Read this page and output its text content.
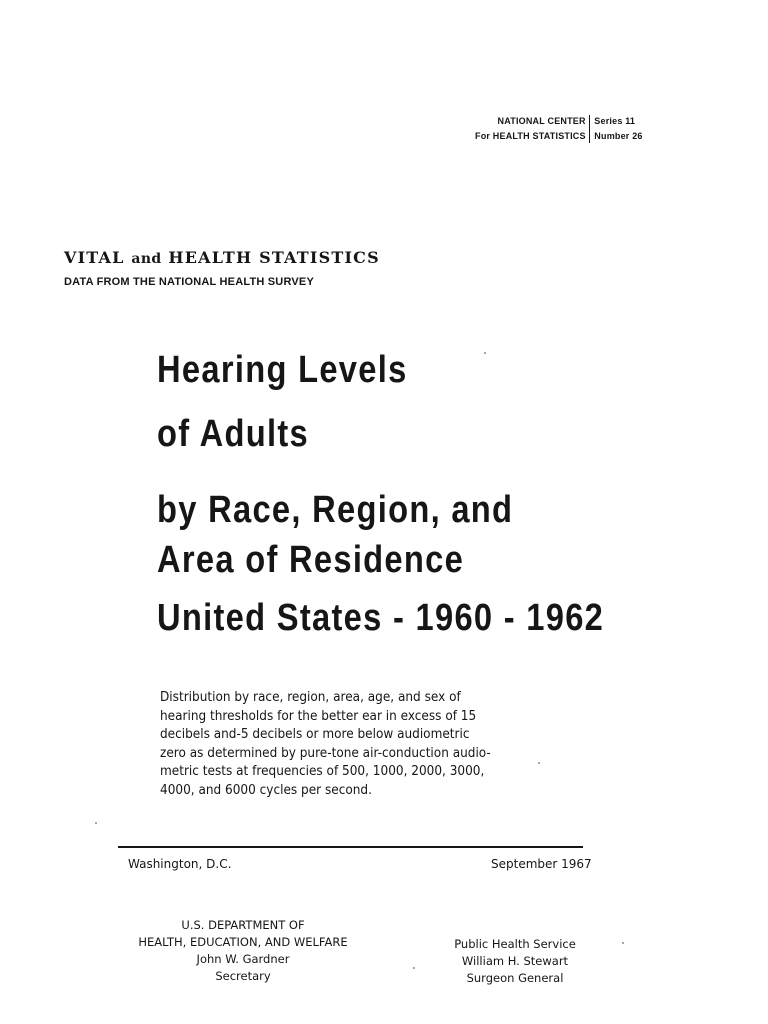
NATIONAL CENTER
For HEALTH STATISTICS
Series 11
Number 26
VITAL and HEALTH STATISTICS
DATA FROM THE NATIONAL HEALTH SURVEY
Hearing Levels
of Adults
by Race, Region, and
Area of Residence
United States - 1960 - 1962
Distribution by race, region, area, age, and sex of
hearing thresholds for the better ear in excess of 15
decibels and-5 decibels or more below audiometric
zero as determined by pure-tone air-conduction audio-
metric tests at frequencies of 500, 1000, 2000, 3000,
4000, and 6000 cycles per second.
Washington, D.C.	September 1967
U.S. DEPARTMENT OF
HEALTH, EDUCATION, AND WELFARE
John W. Gardner
Secretary
Public Health Service
William H. Stewart
Surgeon General
